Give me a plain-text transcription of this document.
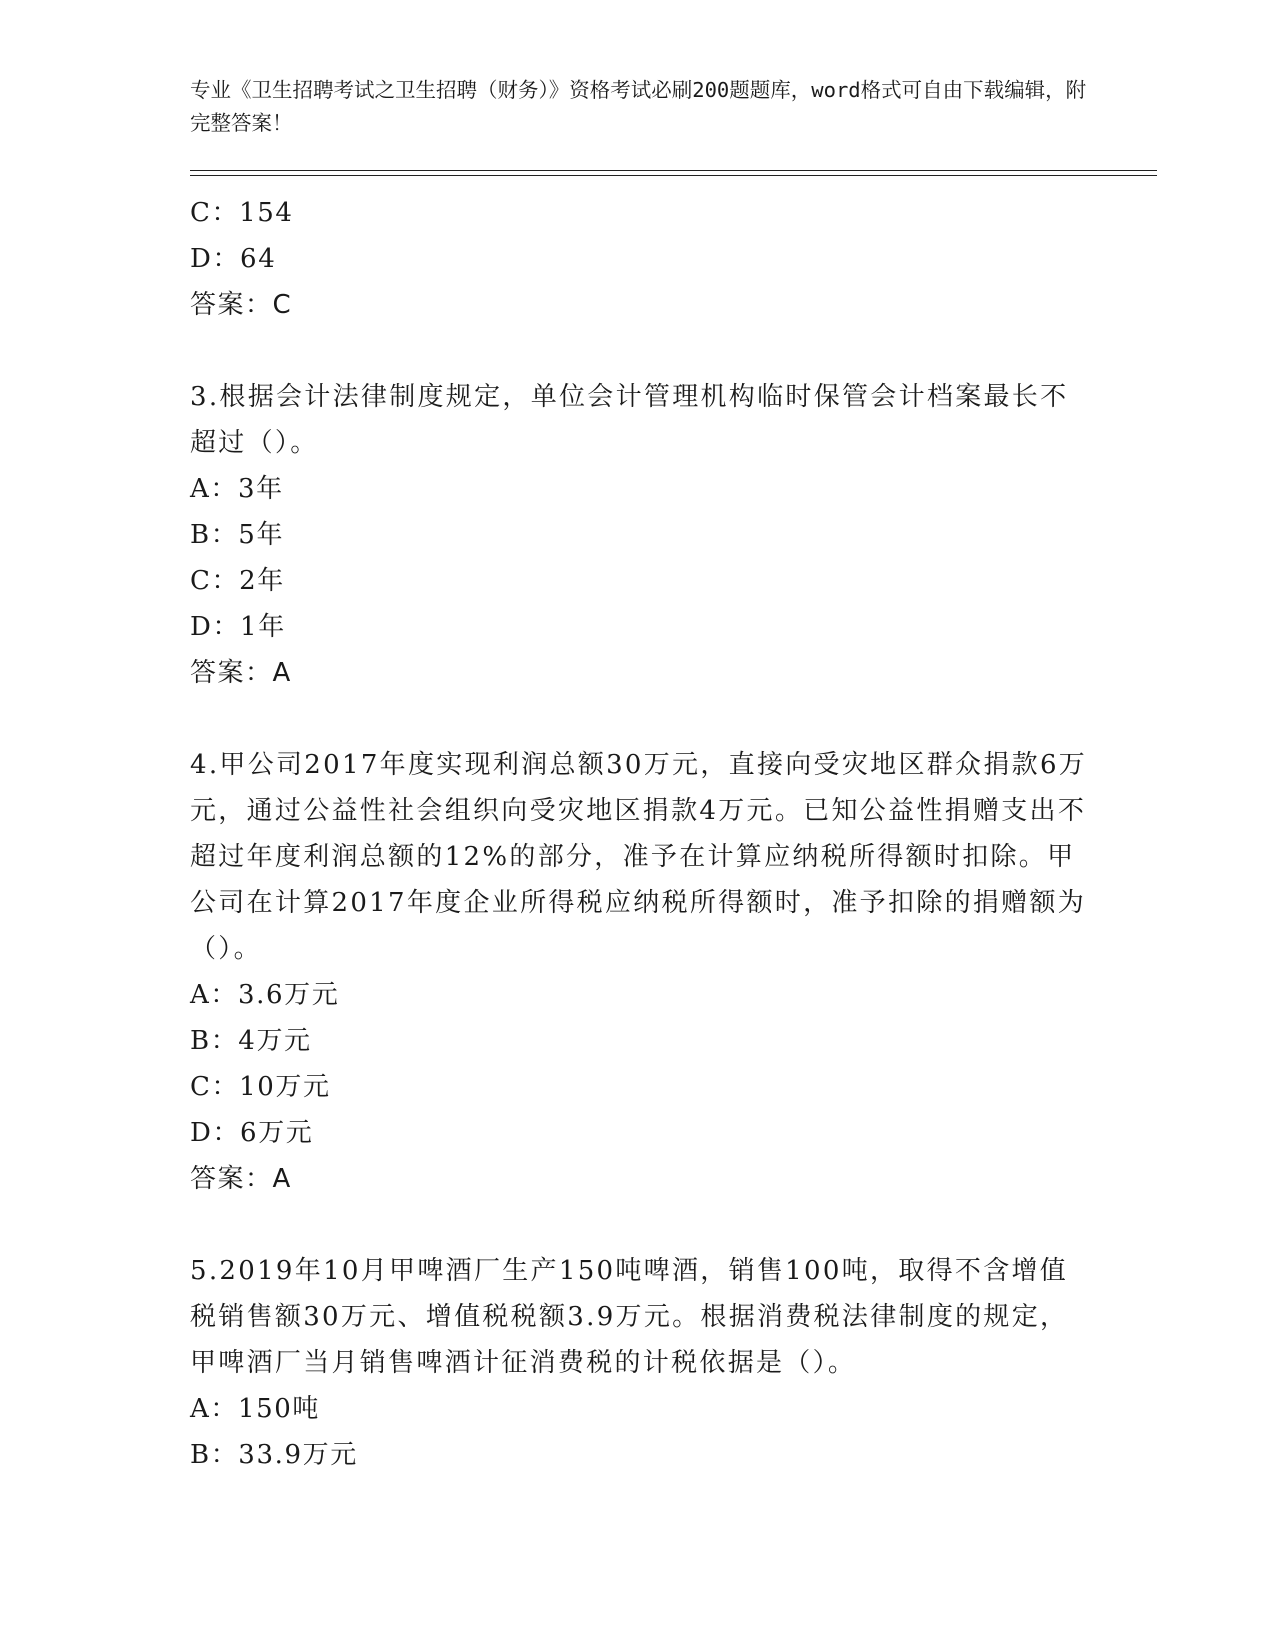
专业《卫生招聘考试之卫生招聘（财务）》资格考试必刷200题题库，word格式可自由下载编辑，附完整答案！
C：154
D：64
答案：C
3.根据会计法律制度规定，单位会计管理机构临时保管会计档案最长不超过（）。
A：3年
B：5年
C：2年
D：1年
答案：A
4.甲公司2017年度实现利润总额30万元，直接向受灾地区群众捐款6万元，通过公益性社会组织向受灾地区捐款4万元。已知公益性捐赠支出不超过年度利润总额的12%的部分，准予在计算应纳税所得额时扣除。甲公司在计算2017年度企业所得税应纳税所得额时，准予扣除的捐赠额为（）。
A：3.6万元
B：4万元
C：10万元
D：6万元
答案：A
5.2019年10月甲啤酒厂生产150吨啤酒，销售100吨，取得不含增值税销售额30万元、增值税税额3.9万元。根据消费税法律制度的规定，甲啤酒厂当月销售啤酒计征消费税的计税依据是（）。
A：150吨
B：33.9万元
